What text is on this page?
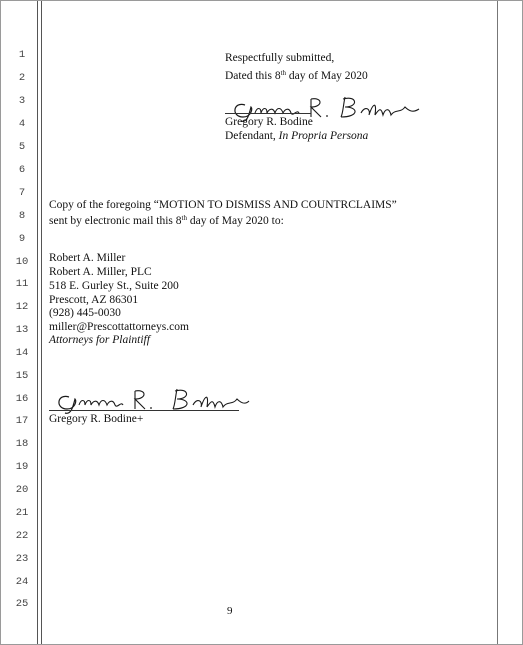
1
2
3
4
5
6
7
8
9
10
11
12
13
14
15
16
17
18
19
20
21
22
23
24
25
Respectfully submitted,
Dated this 8th day of May 2020
Gregory R. Bodine
Defendant, In Propria Persona
Copy of the foregoing “MOTION TO DISMISS AND COUNTRCLAIMS”
sent by electronic mail this 8th day of May 2020 to:
Robert A. Miller
Robert A. Miller, PLC
518 E. Gurley St., Suite 200
Prescott, AZ 86301
(928) 445-0030
miller@Prescottattorneys.com
Attorneys for Plaintiff
Gregory R. Bodine+
9
